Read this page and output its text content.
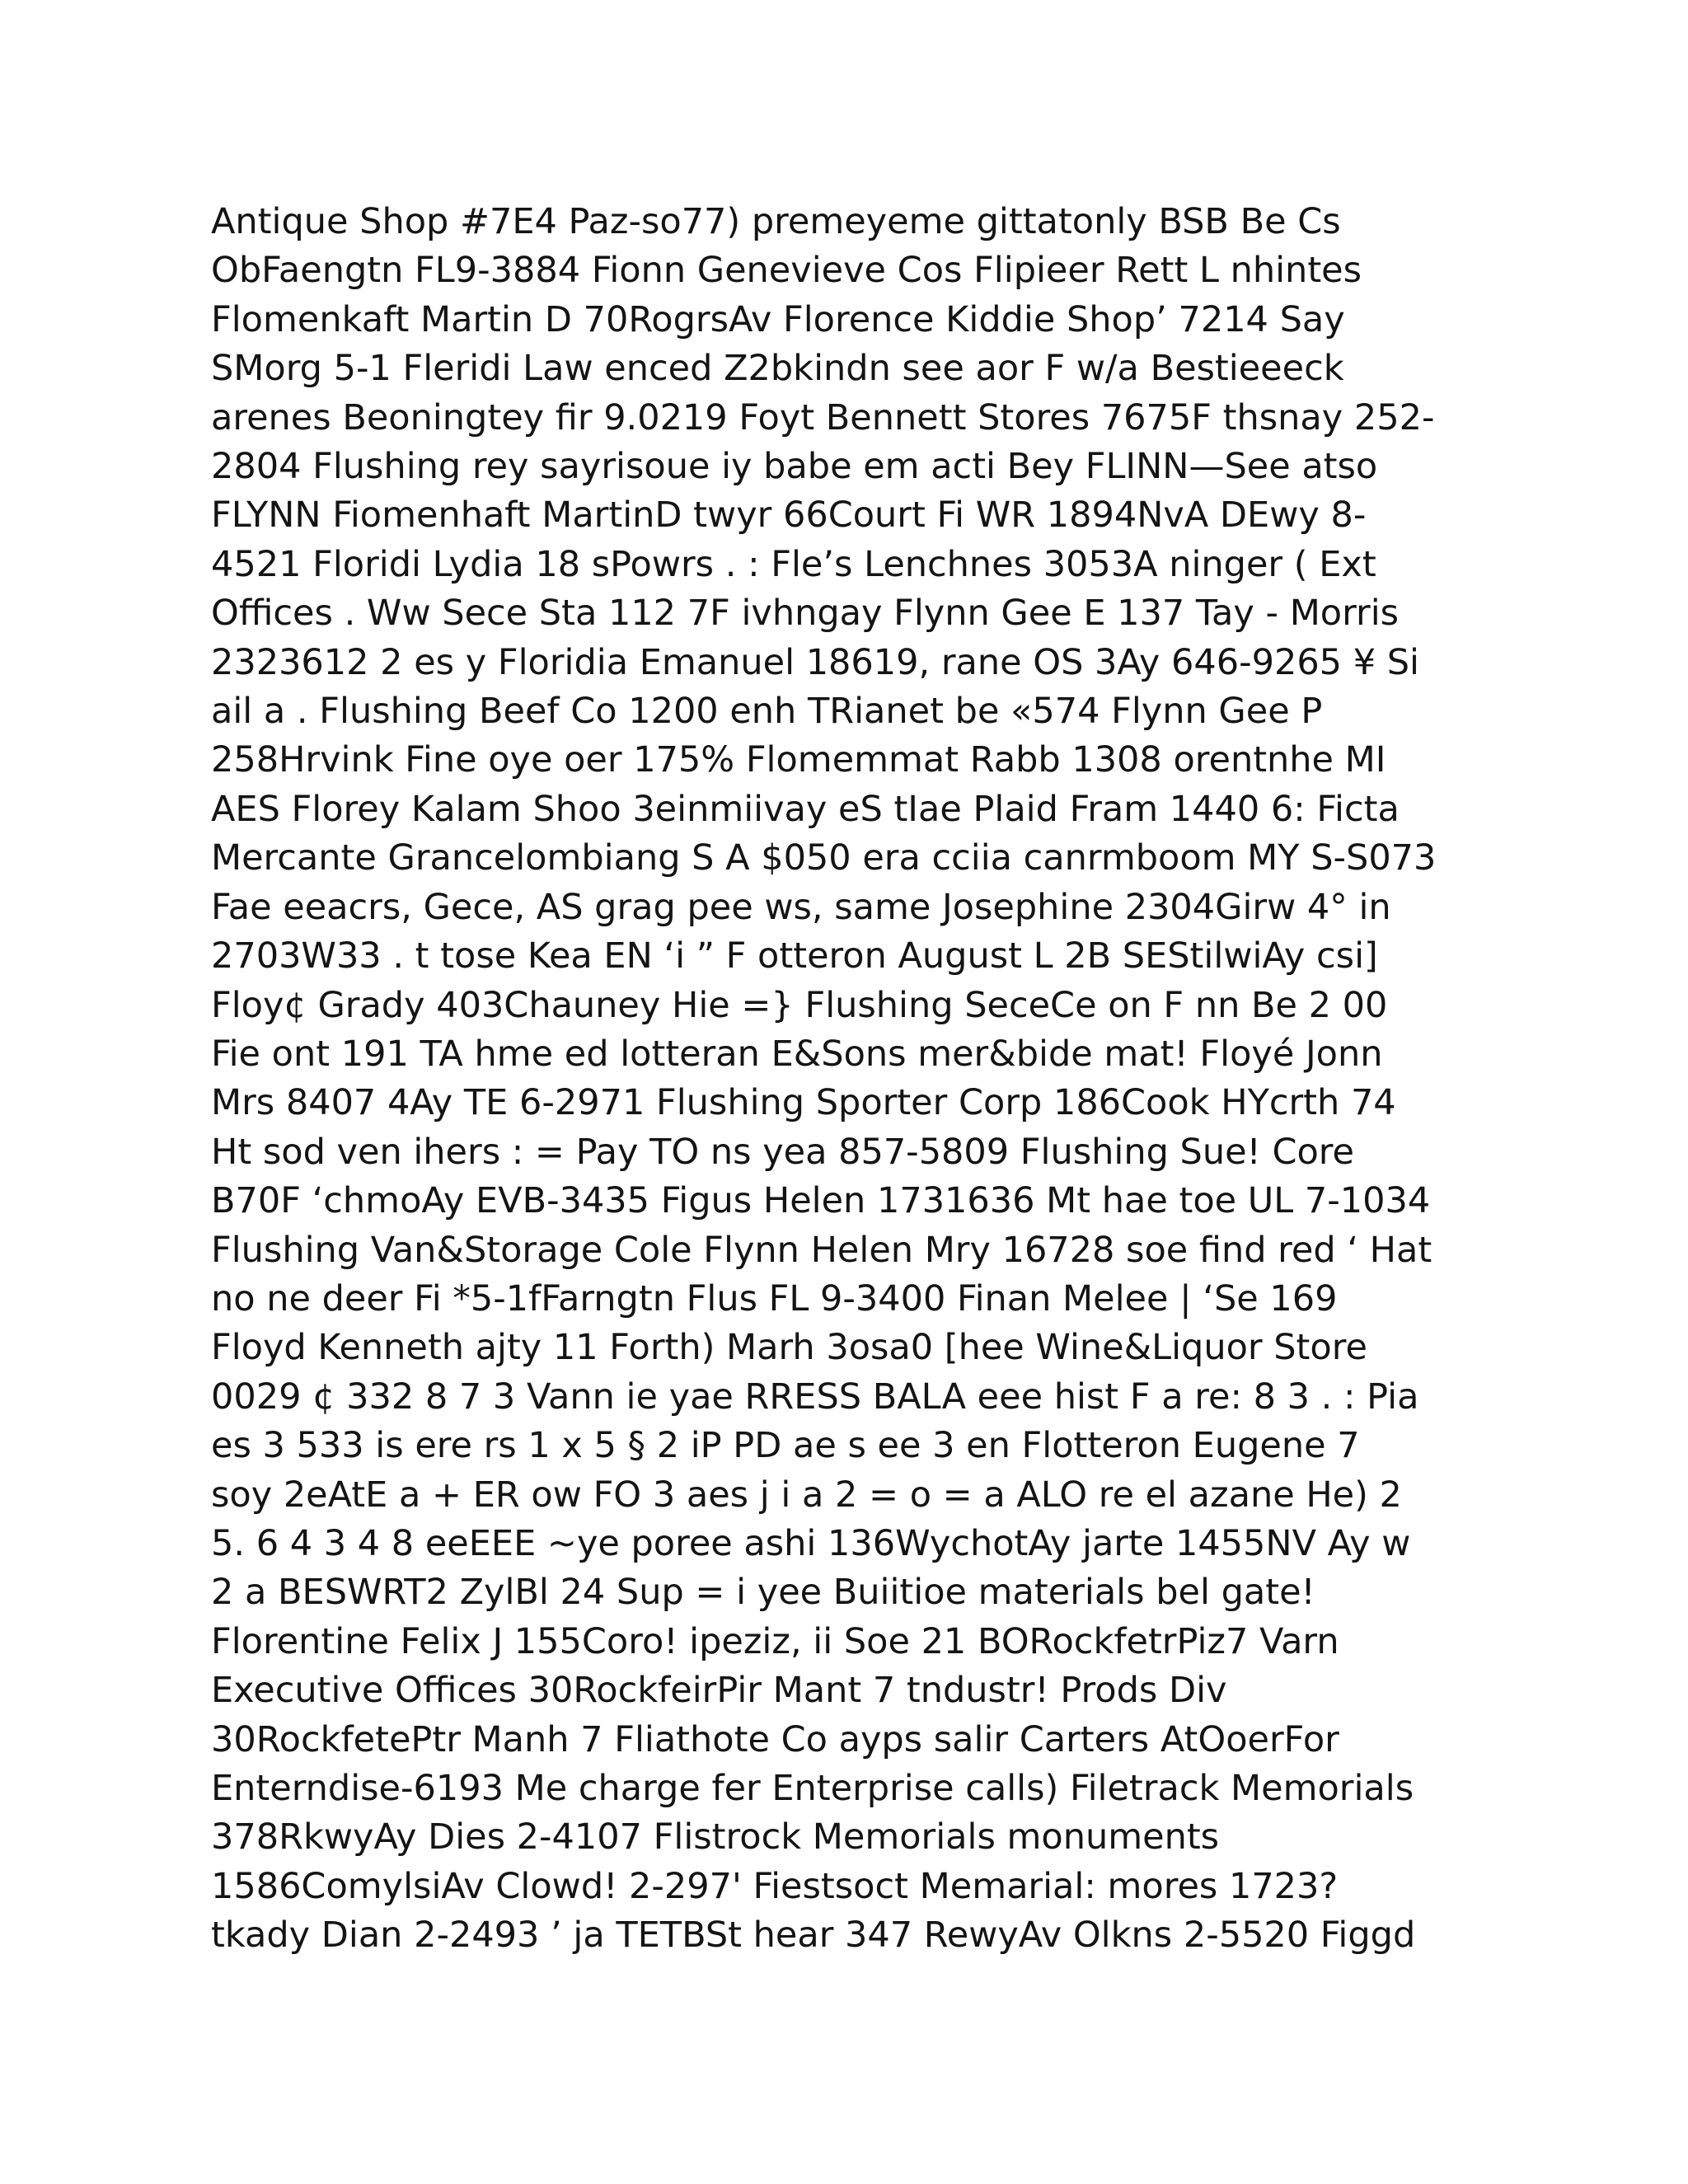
Antique Shop #7E4 Paz-so77) premeyeme gittatonly BSB Be Cs
ObFaengtn FL9-3884 Fionn Genevieve Cos Flipieer Rett L nhintes
Flomenkaft Martin D 70RogrsAv Florence Kiddie Shop’ 7214 Say
SMorg 5-1 Fleridi Law enced Z2bkindn see aor F w/a Bestieeeck
arenes Beoningtey fir 9.0219 Foyt Bennett Stores 7675F thsnay 252-
2804 Flushing rey sayrisoue iy babe em acti Bey FLINN—See atso
FLYNN Fiomenhaft MartinD twyr 66Court Fi WR 1894NvA DEwy 8-
4521 Floridi Lydia 18 sPowrs . : Fle’s Lenchnes 3053A ninger ( Ext
Offices . Ww Sece Sta 112 7F ivhngay Flynn Gee E 137 Tay - Morris
2323612 2 es y Floridia Emanuel 18619, rane OS 3Ay 646-9265 ¥ Si
ail a . Flushing Beef Co 1200 enh TRianet be «574 Flynn Gee P
258Hrvink Fine oye oer 175% Flomemmat Rabb 1308 orentnhe MI
AES Florey Kalam Shoo 3einmiivay eS tIae Plaid Fram 1440 6: Ficta
Mercante Grancelombiang S A $050 era cciia canrmboom MY S-S073
Fae eeacrs, Gece, AS grag pee ws, same Josephine 2304Girw 4° in
2703W33 . t tose Kea EN ‘i ” F otteron August L 2B SEStilwiAy csi]
Floy¢ Grady 403Chauney Hie =} Flushing SeceCe on F nn Be 2 00
Fie ont 191 TA hme ed lotteran E&Sons mer&bide mat! Floyé Jonn
Mrs 8407 4Ay TE 6-2971 Flushing Sporter Corp 186Cook HYcrth 74
Ht sod ven ihers : = Pay TO ns yea 857-5809 Flushing Sue! Core
B70F ‘chmoAy EVB-3435 Figus Helen 1731636 Mt hae toe UL 7-1034
Flushing Van&Storage Cole Flynn Helen Mry 16728 soe find red ‘ Hat
no ne deer Fi *5-1fFarngtn Flus FL 9-3400 Finan Melee | ‘Se 169
Floyd Kenneth ajty 11 Forth) Marh 3osa0 [hee Wine&Liquor Store
0029 ¢ 332 8 7 3 Vann ie yae RRESS BALA eee hist F a re: 8 3 . : Pia
es 3 533 is ere rs 1 x 5 § 2 iP PD ae s ee 3 en Flotteron Eugene 7
soy 2eAtE a + ER ow FO 3 aes j i a 2 = o = a ALO re el azane He) 2
5. 6 4 3 4 8 eeEEE ~ye poree ashi 136WychotAy jarte 1455NV Ay w
2 a BESWRT2 ZylBl 24 Sup = i yee Buiitioe materials bel gate!
Florentine Felix J 155Coro! ipeziz, ii Soe 21 BORockfetrPiz7 Varn
Executive Offices 30RockfeirPir Mant 7 tndustr! Prods Div
30RockfetePtr Manh 7 Fliathote Co ayps salir Carters AtOoerFor
Enterndise-6193 Me charge fer Enterprise calls) Filetrack Memorials
378RkwyAy Dies 2-4107 Flistrock Memorials monuments
1586ComylsiAv Clowd! 2-297' Fiestsoct Memarial: mores 1723?
tkady Dian 2-2493 ’ ja TETBSt hear 347 RewyAv Olkns 2-5520 Figgd
